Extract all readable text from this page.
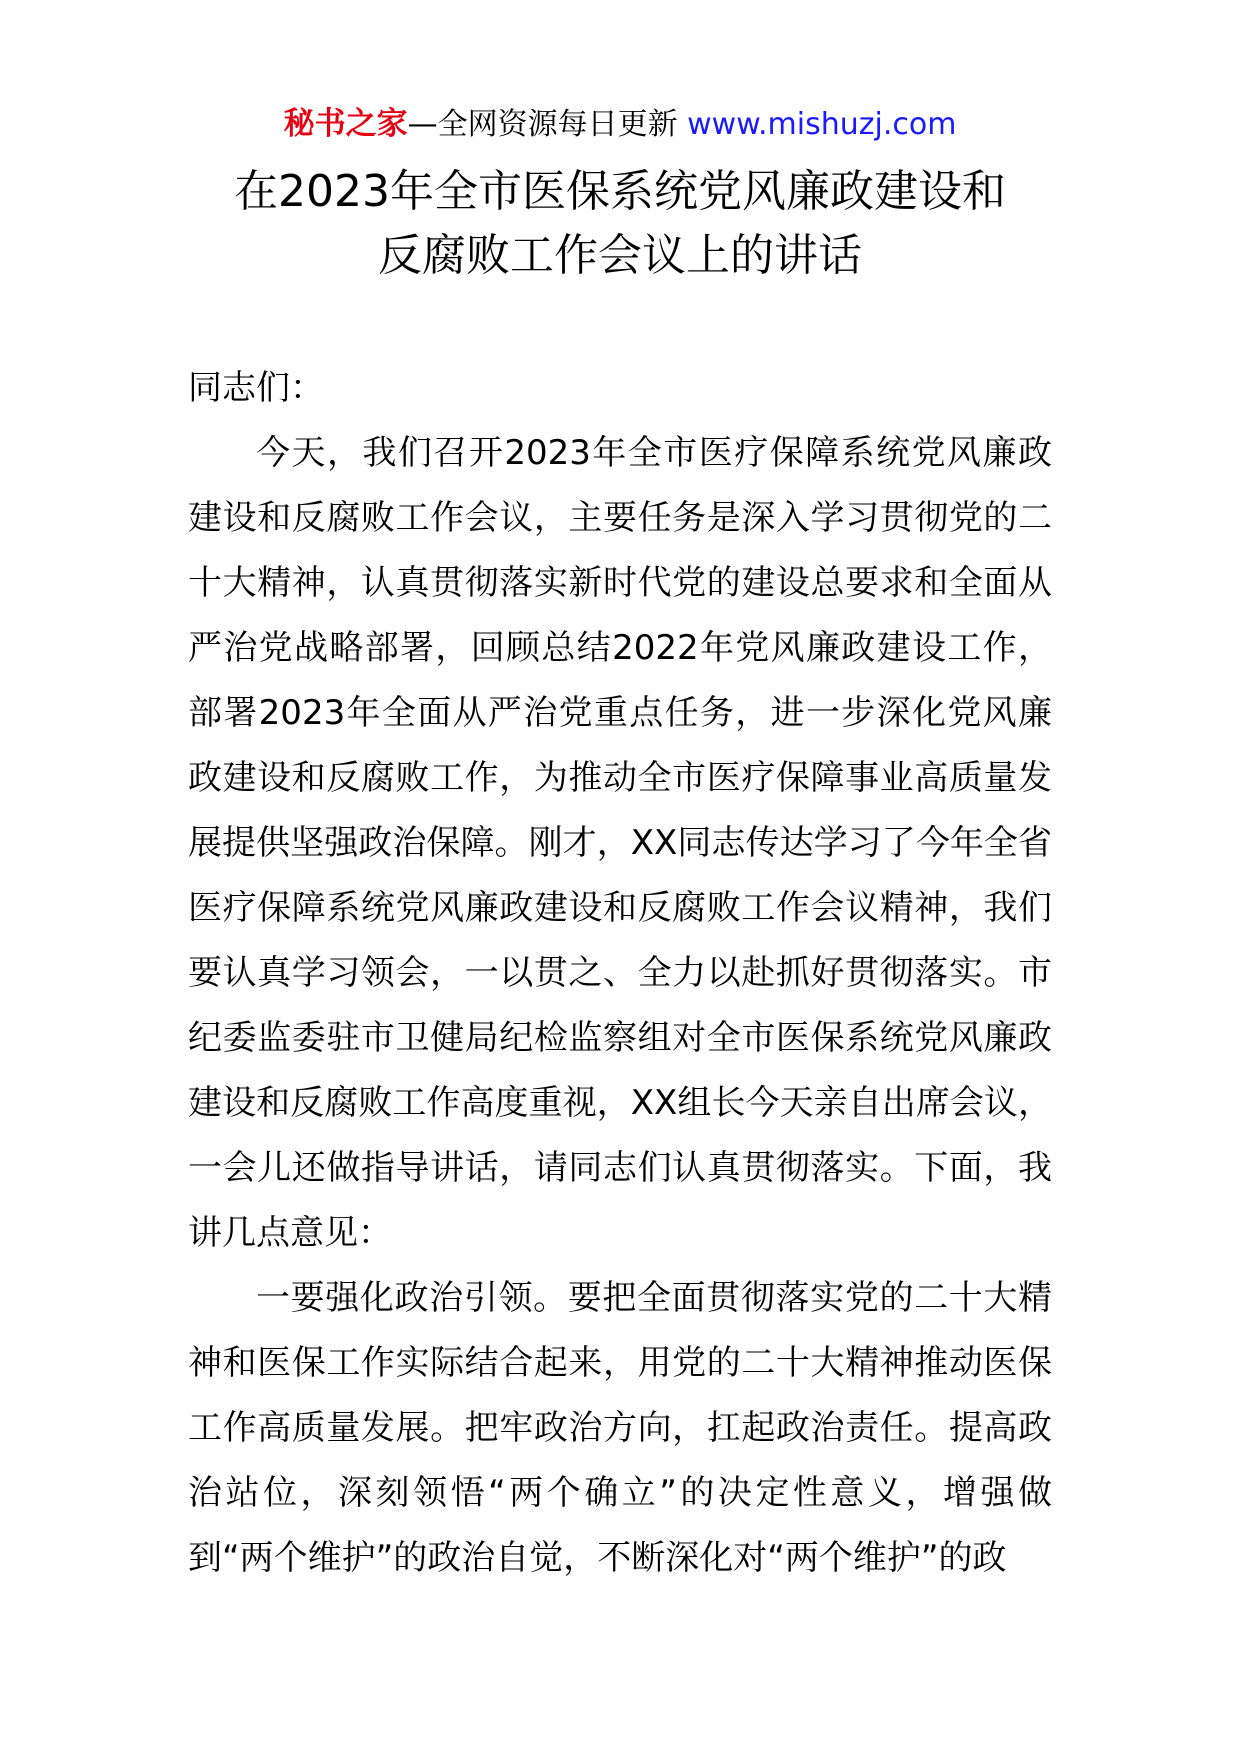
秘书之家—全网资源每日更新 www.mishuzj.com
在2023年全市医保系统党风廉政建设和
反腐败工作会议上的讲话

同志们：

今天，我们召开2023年全市医疗保障系统党风廉政建设和反腐败工作会议，主要任务是深入学习贯彻党的二十大精神，认真贯彻落实新时代党的建设总要求和全面从严治党战略部署，回顾总结2022年党风廉政建设工作，部署2023年全面从严治党重点任务，进一步深化党风廉政建设和反腐败工作，为推动全市医疗保障事业高质量发展提供坚强政治保障。刚才，XX同志传达学习了今年全省医疗保障系统党风廉政建设和反腐败工作会议精神，我们要认真学习领会，一以贯之、全力以赴抓好贯彻落实。市纪委监委驻市卫健局纪检监察组对全市医保系统党风廉政建设和反腐败工作高度重视，XX组长今天亲自出席会议，一会儿还做指导讲话，请同志们认真贯彻落实。下面，我讲几点意见：

一要强化政治引领。要把全面贯彻落实党的二十大精神和医保工作实际结合起来，用党的二十大精神推动医保工作高质量发展。把牢政治方向，扛起政治责任。提高政治站位，深刻领悟“两个确立”的决定性意义，增强做到“两个维护”的政治自觉，不断深化对“两个维护”的政
